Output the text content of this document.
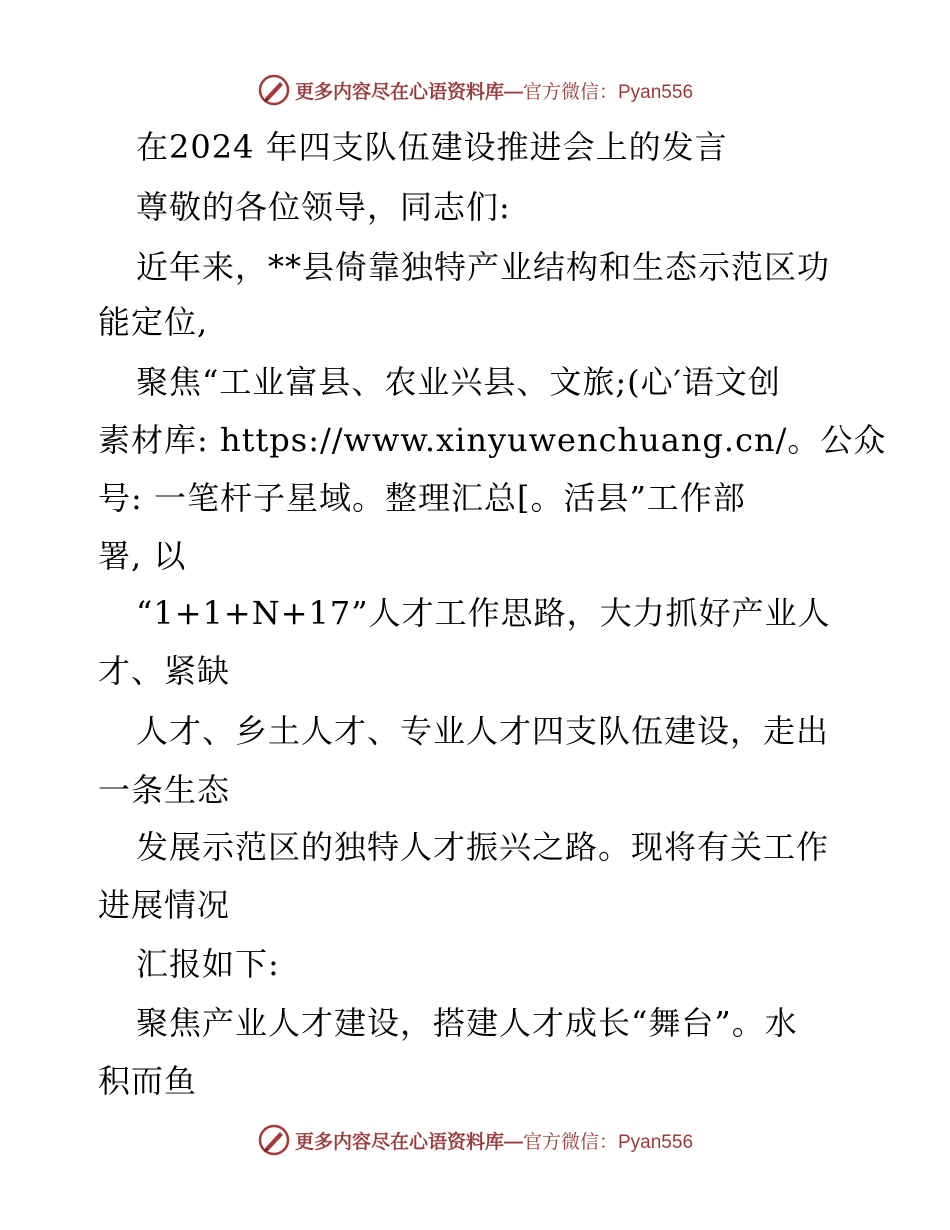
更多内容尽在心语资料库—官方微信：Pyan556
在2024 年四支队伍建设推进会上的发言
尊敬的各位领导，同志们:
近年来，**县倚靠独特产业结构和生态示范区功
能定位,
聚焦“工业富县、农业兴县、文旅;(心′语文创
素材库: https://www.xinyuwenchuang.cn/。公众
号: 一笔杆子星域。整理汇总[。活县”工作部
署, 以
“1+1+N+17”人才工作思路，大力抓好产业人
才、紧缺
人才、乡土人才、专业人才四支队伍建设，走出
一条生态
发展示范区的独特人才振兴之路。现将有关工作
进展情况
汇报如下:
聚焦产业人才建设，搭建人才成长“舞台”。水
积而鱼
更多内容尽在心语资料库—官方微信：Pyan556
